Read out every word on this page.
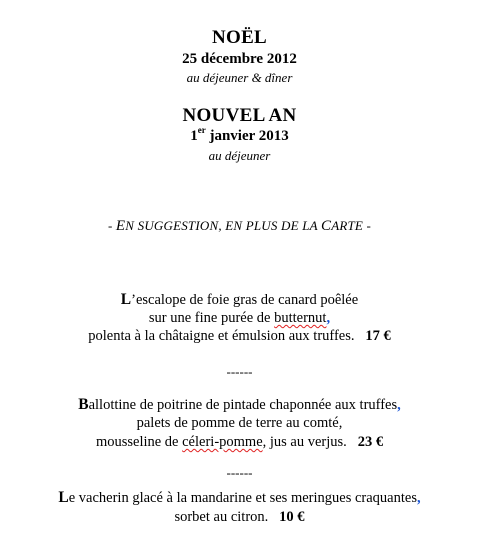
NOËL
25 décembre 2012
au déjeuner & dîner
NOUVEL AN
1er janvier 2013
au déjeuner
- EN SUGGESTION, EN PLUS DE LA CARTE -
L’escalope de foie gras de canard poêlée
sur une fine purée de butternut,
polenta à la châtaigne et émulsion aux truffes. 17 €
------
Ballottine de poitrine de pintade chaponnée aux truffes,
palets de pomme de terre au comté,
mousseline de céleri-pomme, jus au verjus. 23 €
------
Le vacherin glacé à la mandarine et ses meringues craquantes,
sorbet au citron. 10 €
